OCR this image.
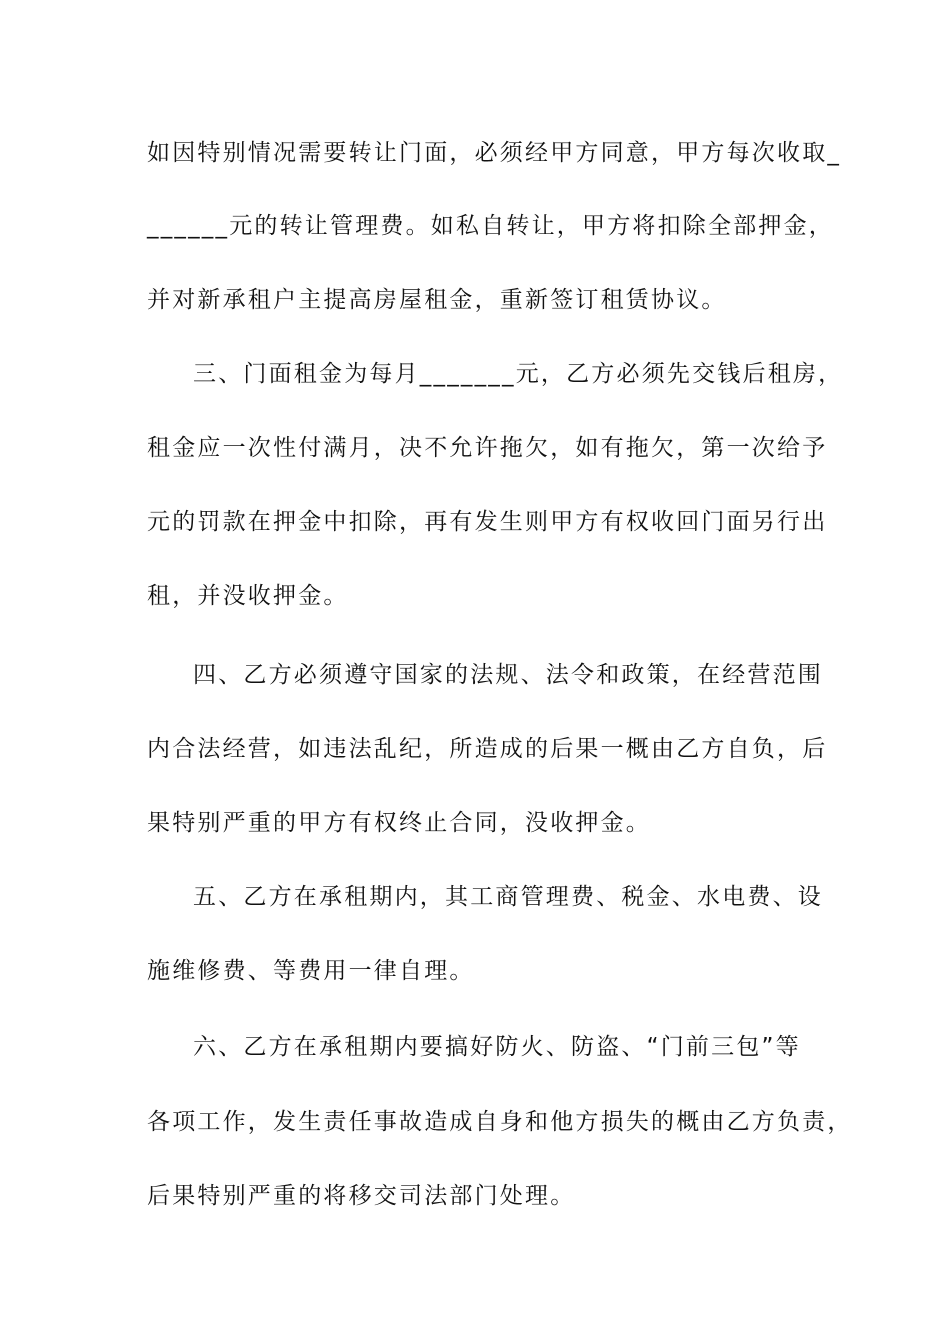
如因特别情况需要转让门面，必须经甲方同意，甲方每次收取_
______元的转让管理费。如私自转让，甲方将扣除全部押金，
并对新承租户主提高房屋租金，重新签订租赁协议。
三、门面租金为每月_______元，乙方必须先交钱后租房，
租金应一次性付满月，决不允许拖欠，如有拖欠，第一次给予
元的罚款在押金中扣除，再有发生则甲方有权收回门面另行出
租，并没收押金。
四、乙方必须遵守国家的法规、法令和政策，在经营范围
内合法经营，如违法乱纪，所造成的后果一概由乙方自负，后
果特别严重的甲方有权终止合同，没收押金。
五、乙方在承租期内，其工商管理费、税金、水电费、设
施维修费、等费用一律自理。
六、乙方在承租期内要搞好防火、防盗、“门前三包”等
各项工作，发生责任事故造成自身和他方损失的概由乙方负责，
后果特别严重的将移交司法部门处理。
